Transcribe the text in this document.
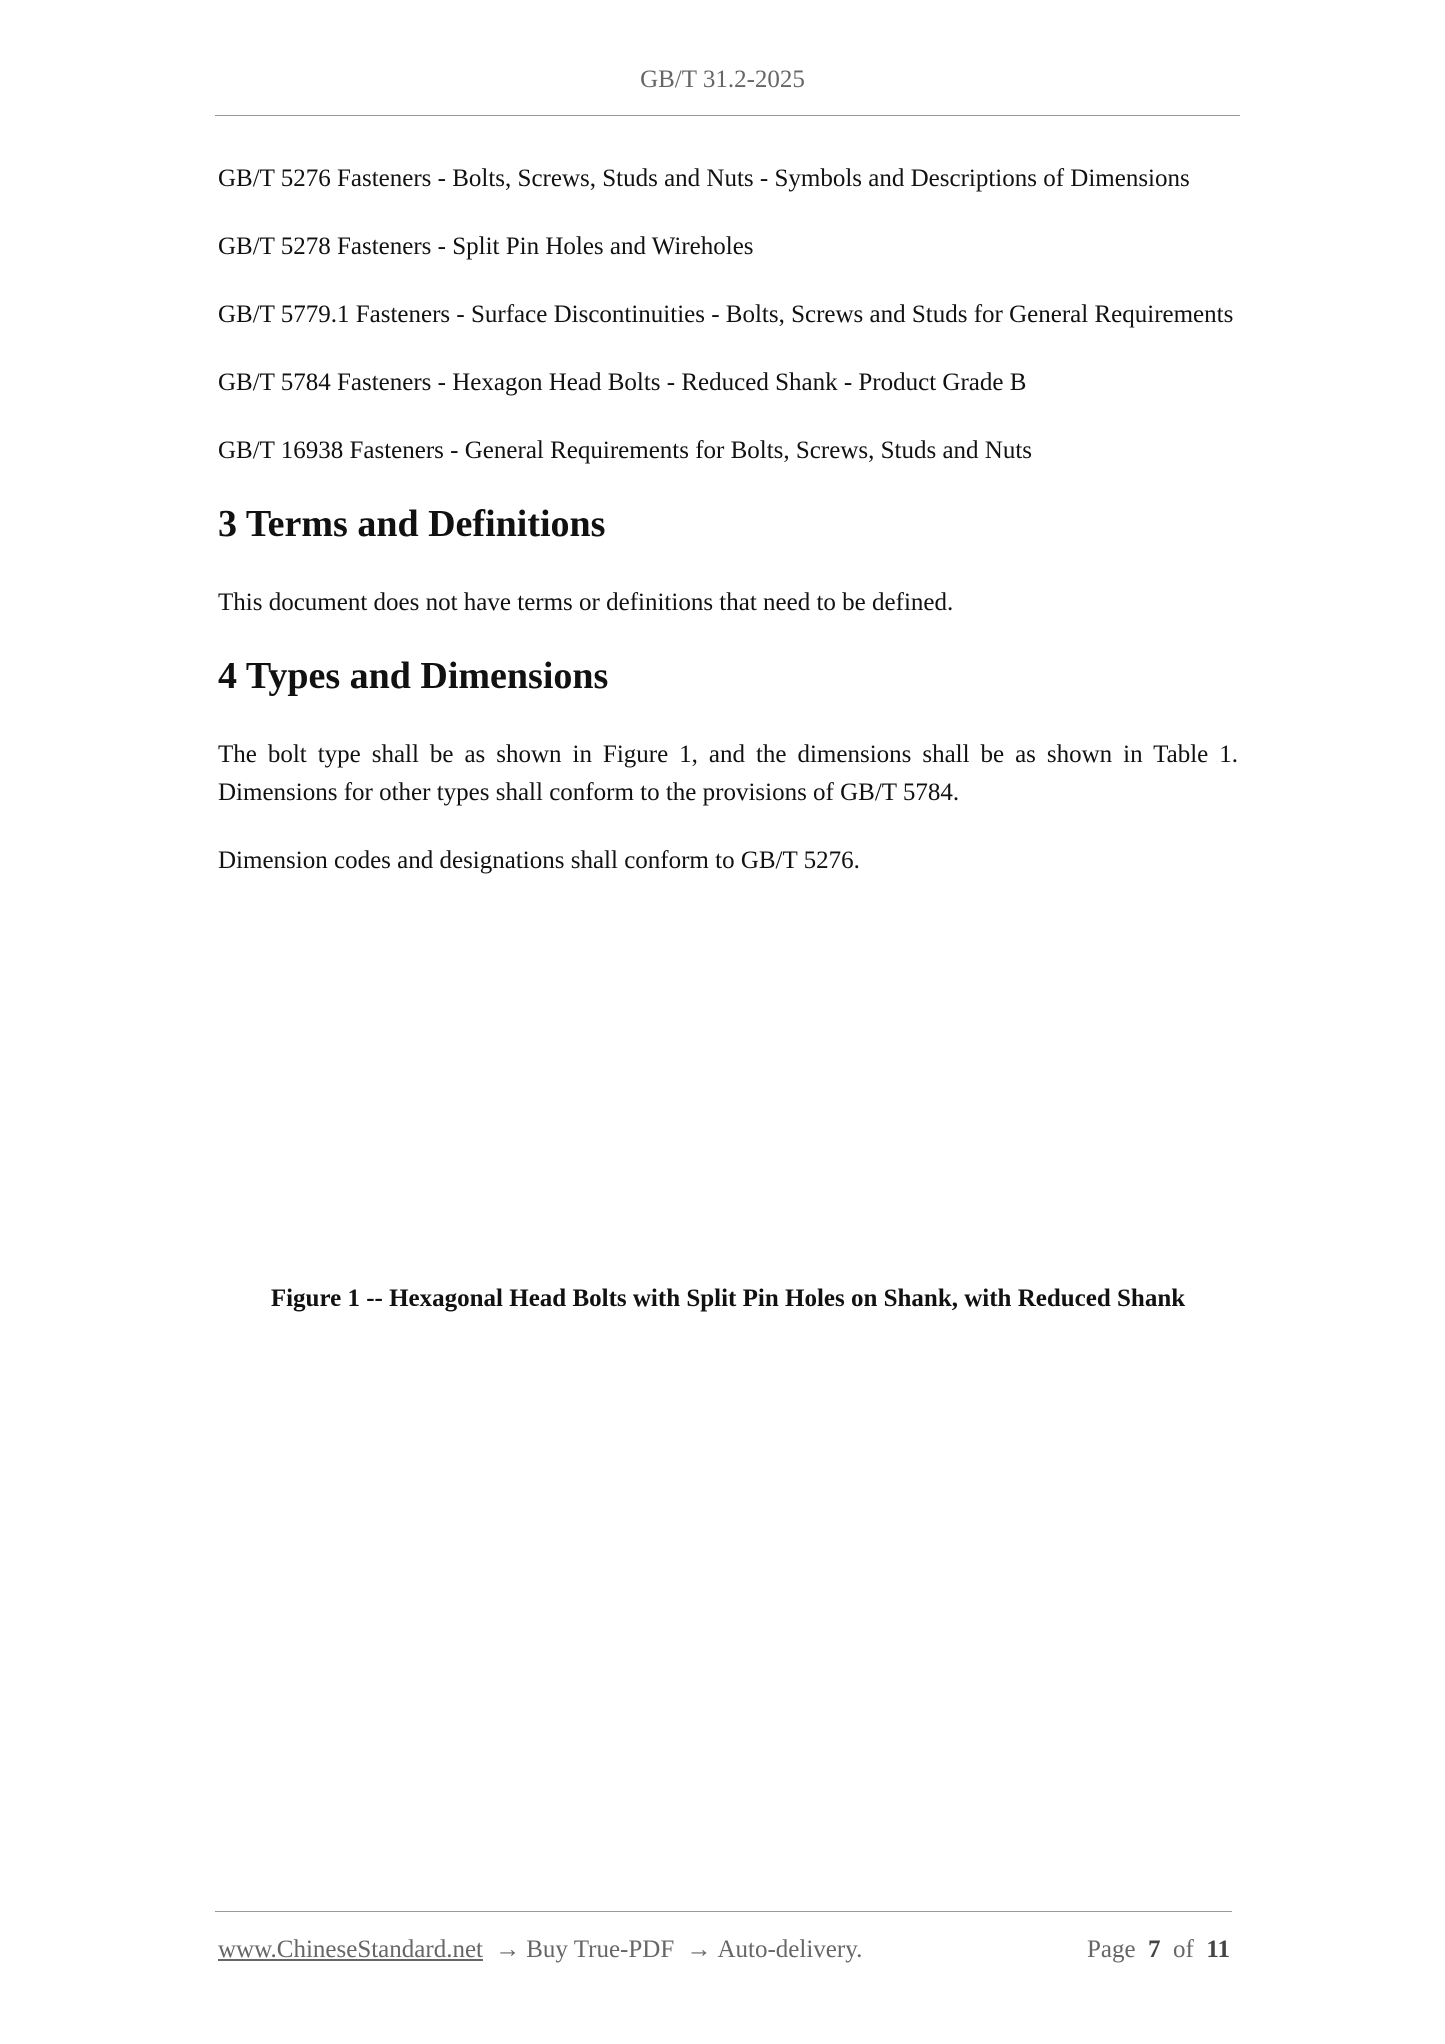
GB/T 31.2-2025
GB/T 5276 Fasteners - Bolts, Screws, Studs and Nuts - Symbols and Descriptions of Dimensions
GB/T 5278 Fasteners - Split Pin Holes and Wireholes
GB/T 5779.1 Fasteners - Surface Discontinuities - Bolts, Screws and Studs for General Requirements
GB/T 5784 Fasteners - Hexagon Head Bolts - Reduced Shank - Product Grade B
GB/T 16938 Fasteners - General Requirements for Bolts, Screws, Studs and Nuts
3 Terms and Definitions

This document does not have terms or definitions that need to be defined.

4 Types and Dimensions

The bolt type shall be as shown in Figure 1, and the dimensions shall be as shown in Table 1. Dimensions for other types shall conform to the provisions of GB/T 5784.

Dimension codes and designations shall conform to GB/T 5276.

Figure 1 -- Hexagonal Head Bolts with Split Pin Holes on Shank, with Reduced Shank

www.ChineseStandard.net → Buy True-PDF → Auto-delivery.	Page 7 of 11
